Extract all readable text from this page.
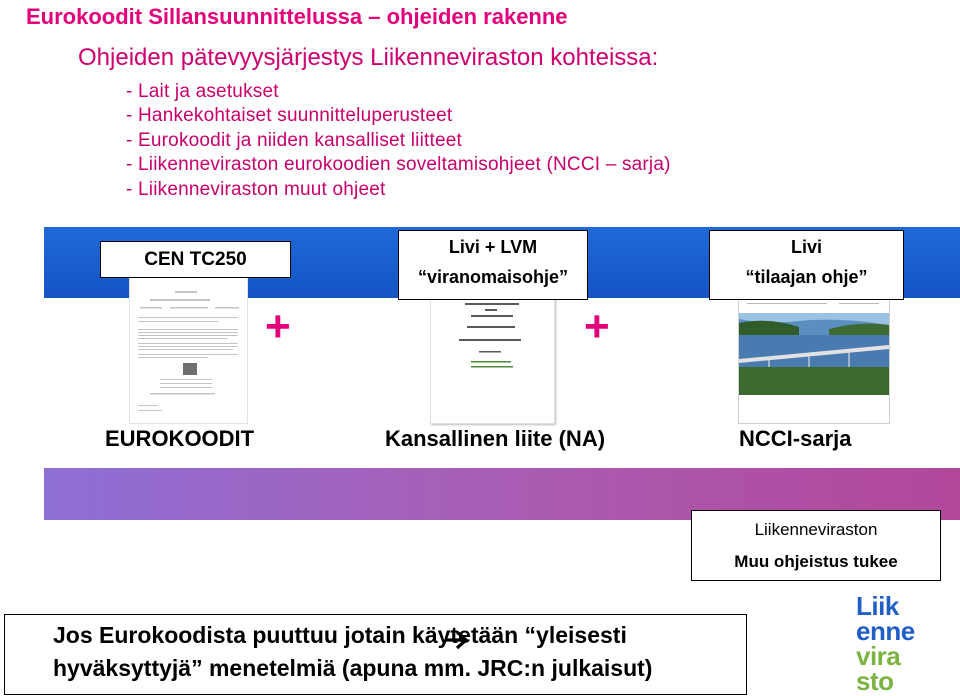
Eurokoodit Sillansuunnittelussa – ohjeiden rakenne
Ohjeiden pätevyysjärjestys Liikenneviraston kohteissa:
- Lait ja asetukset
- Hankekohtaiset suunnitteluperusteet
- Eurokoodit ja niiden kansalliset liitteet
- Liikenneviraston eurokoodien soveltamisohjeet (NCCI – sarja)
- Liikenneviraston muut ohjeet
CEN TC250
Livi + LVM
“viranomaisohje”
Livi
“tilaajan ohje”
+	+
EUROKOODIT	Kansallinen liite (NA)	NCCI-sarja
Liikenneviraston
Muu ohjeistus tukee
Jos Eurokoodista puuttuu jotain käytetään “yleisesti
hyväksyttyjä” menetelmiä (apuna mm. JRC:n julkaisut)
Liik
enne
vira
sto
